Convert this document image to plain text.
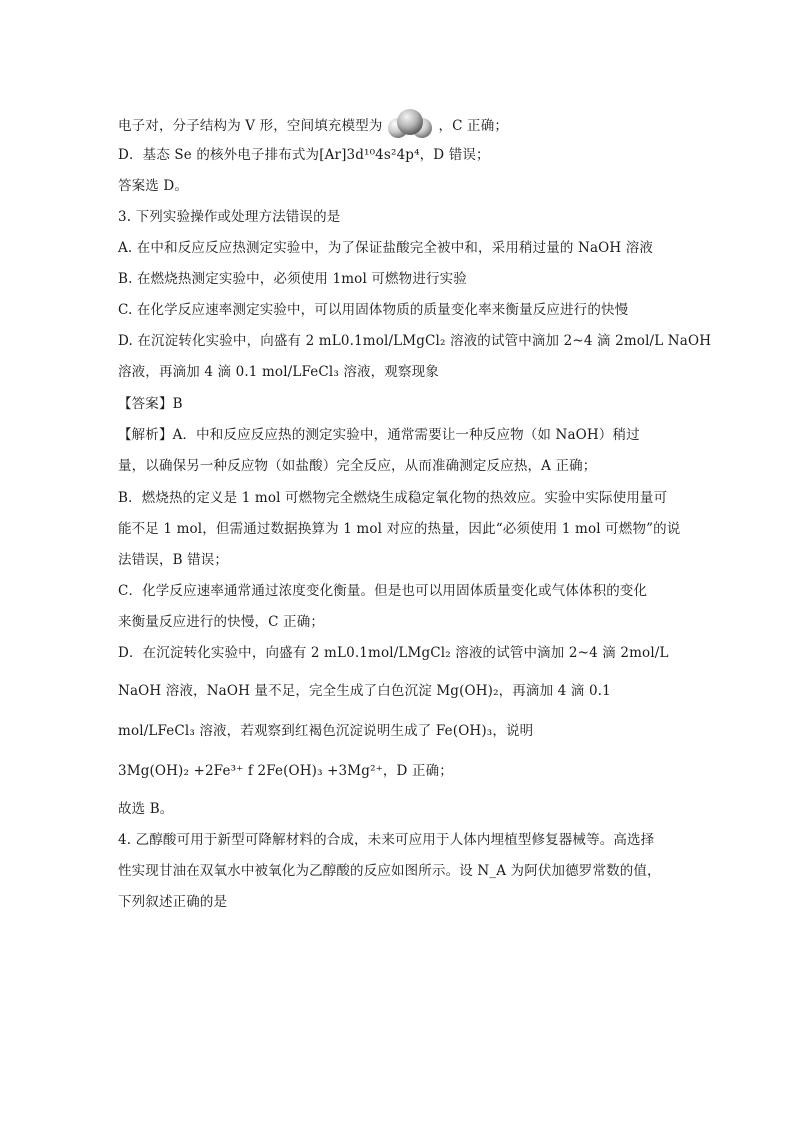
电子对，分子结构为 V 形，空间填充模型为	，C 正确；
D．基态 Se 的核外电子排布式为[Ar]3d¹⁰4s²4p⁴，D 错误；
答案选 D。
3. 下列实验操作或处理方法错误的是
A. 在中和反应反应热测定实验中，为了保证盐酸完全被中和，采用稍过量的 NaOH 溶液
B. 在燃烧热测定实验中，必须使用 1mol 可燃物进行实验
C. 在化学反应速率测定实验中，可以用固体物质的质量变化率来衡量反应进行的快慢
D. 在沉淀转化实验中，向盛有 2 mL0.1mol/LMgCl₂ 溶液的试管中滴加 2~4 滴 2mol/L NaOH
溶液，再滴加 4 滴 0.1 mol/LFeCl₃ 溶液，观察现象
【答案】B
【解析】A．中和反应反应热的测定实验中，通常需要让一种反应物（如 NaOH）稍过
量，以确保另一种反应物（如盐酸）完全反应，从而准确测定反应热，A 正确；
B．燃烧热的定义是 1 mol 可燃物完全燃烧生成稳定氧化物的热效应。实验中实际使用量可
能不足 1 mol，但需通过数据换算为 1 mol 对应的热量，因此“必须使用 1 mol 可燃物”的说
法错误，B 错误；
C．化学反应速率通常通过浓度变化衡量。但是也可以用固体质量变化或气体体积的变化
来衡量反应进行的快慢，C 正确；
D．在沉淀转化实验中，向盛有 2 mL0.1mol/LMgCl₂ 溶液的试管中滴加 2~4 滴 2mol/L
NaOH 溶液，NaOH 量不足，完全生成了白色沉淀 Mg(OH)₂，再滴加 4 滴 0.1
mol/LFeCl₃ 溶液，若观察到红褐色沉淀说明生成了 Fe(OH)₃，说明
3Mg(OH)₂ +2Fe³⁺ f 2Fe(OH)₃ +3Mg²⁺，D 正确；
故选 B。
4. 乙醇酸可用于新型可降解材料的合成，未来可应用于人体内埋植型修复器械等。高选择
性实现甘油在双氧水中被氧化为乙醇酸的反应如图所示。设 N_A 为阿伏加德罗常数的值，
下列叙述正确的是
